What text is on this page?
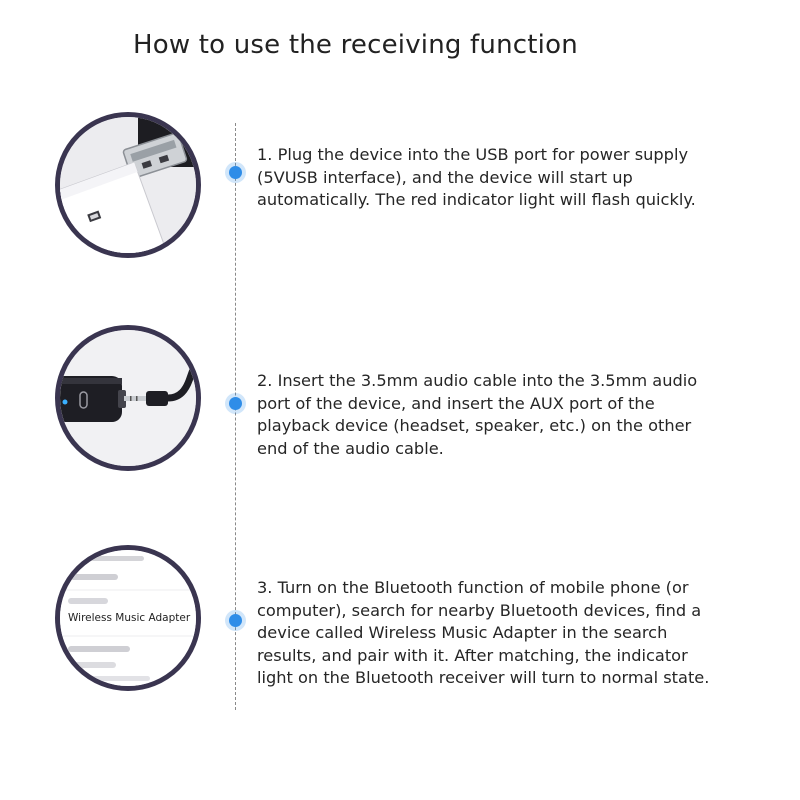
How to use the receiving function
1. Plug the device into the USB port for power supply
(5VUSB interface), and the device will start up
automatically. The red indicator light will flash quickly.
2. Insert the 3.5mm audio cable into the 3.5mm audio
port of the device, and insert the AUX port of the
playback device (headset, speaker, etc.) on the other
end of the audio cable.
Wireless Music Adapter
3. Turn on the Bluetooth function of mobile phone (or
computer), search for nearby Bluetooth devices, find a
device called Wireless Music Adapter in the search
results, and pair with it. After matching, the indicator
light on the Bluetooth receiver will turn to normal state.
